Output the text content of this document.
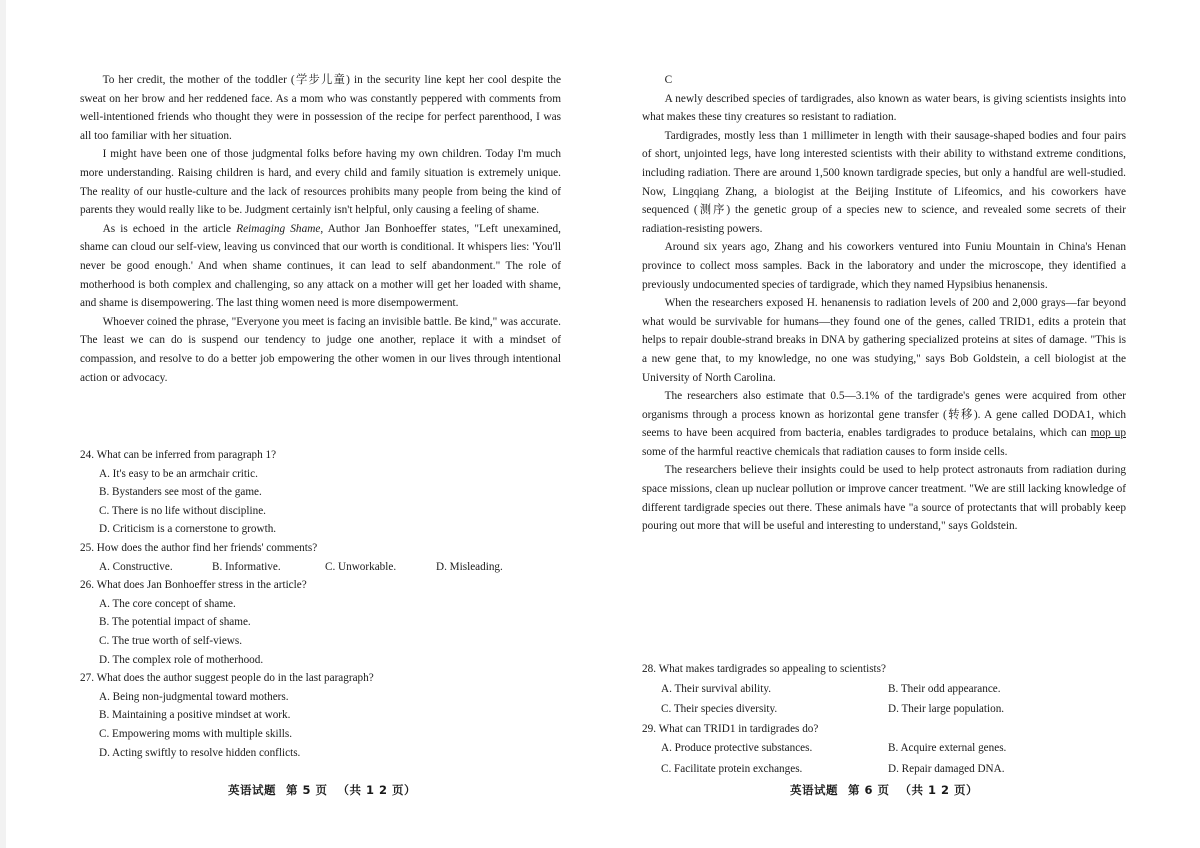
To her credit, the mother of the toddler (学步儿童) in the security line kept her cool despite the sweat on her brow and her reddened face. As a mom who was constantly peppered with comments from well-intentioned friends who thought they were in possession of the recipe for perfect parenthood, I was all too familiar with her situation.

I might have been one of those judgmental folks before having my own children. Today I'm much more understanding. Raising children is hard, and every child and family situation is extremely unique. The reality of our hustle-culture and the lack of resources prohibits many people from being the kind of parents they would really like to be. Judgment certainly isn't helpful, only causing a feeling of shame.

As is echoed in the article Reimaging Shame, Author Jan Bonhoeffer states, "Left unexamined, shame can cloud our self-view, leaving us convinced that our worth is conditional. It whispers lies: 'You'll never be good enough.' And when shame continues, it can lead to self abandonment." The role of motherhood is both complex and challenging, so any attack on a mother will get her loaded with shame, and shame is disempowering. The last thing women need is more disempowerment.

Whoever coined the phrase, "Everyone you meet is facing an invisible battle. Be kind," was accurate. The least we can do is suspend our tendency to judge one another, replace it with a mindset of compassion, and resolve to do a better job empowering the other women in our lives through intentional action or advocacy.

24. What can be inferred from paragraph 1?

A. It's easy to be an armchair critic.
B. Bystanders see most of the game.
C. There is no life without discipline.
D. Criticism is a cornerstone to growth.

25. How does the author find her friends' comments?

A. Constructive.	B. Informative.	C. Unworkable.	D. Misleading.

26. What does Jan Bonhoeffer stress in the article?

A. The core concept of shame.
B. The potential impact of shame.
C. The true worth of self-views.
D. The complex role of motherhood.

27. What does the author suggest people do in the last paragraph?

A. Being non-judgmental toward mothers.
B. Maintaining a positive mindset at work.
C. Empowering moms with multiple skills.
D. Acting swiftly to resolve hidden conflicts.
英语试题 第 5 页 （共 1 2 页）

C

A newly described species of tardigrades, also known as water bears, is giving scientists insights into what makes these tiny creatures so resistant to radiation.

Tardigrades, mostly less than 1 millimeter in length with their sausage-shaped bodies and four pairs of short, unjointed legs, have long interested scientists with their ability to withstand extreme conditions, including radiation. There are around 1,500 known tardigrade species, but only a handful are well-studied. Now, Lingqiang Zhang, a biologist at the Beijing Institute of Lifeomics, and his coworkers have sequenced (测序) the genetic group of a species new to science, and revealed some secrets of their radiation-resisting powers.

Around six years ago, Zhang and his coworkers ventured into Funiu Mountain in China's Henan province to collect moss samples. Back in the laboratory and under the microscope, they identified a previously undocumented species of tardigrade, which they named Hypsibius henanensis.

When the researchers exposed H. henanensis to radiation levels of 200 and 2,000 grays—far beyond what would be survivable for humans—they found one of the genes, called TRID1, edits a protein that helps to repair double-strand breaks in DNA by gathering specialized proteins at sites of damage. "This is a new gene that, to my knowledge, no one was studying," says Bob Goldstein, a cell biologist at the University of North Carolina.

The researchers also estimate that 0.5—3.1% of the tardigrade's genes were acquired from other organisms through a process known as horizontal gene transfer (转移). A gene called DODA1, which seems to have been acquired from bacteria, enables tardigrades to produce betalains, which can mop up some of the harmful reactive chemicals that radiation causes to form inside cells.

The researchers believe their insights could be used to help protect astronauts from radiation during space missions, clean up nuclear pollution or improve cancer treatment. "We are still lacking knowledge of different tardigrade species out there. These animals have "a source of protectants that will probably keep pouring out more that will be useful and interesting to understand," says Goldstein.

28. What makes tardigrades so appealing to scientists?

A. Their survival ability.	B. Their odd appearance.
C. Their species diversity.	D. Their large population.

29. What can TRID1 in tardigrades do?

A. Produce protective substances.	B. Acquire external genes.
C. Facilitate protein exchanges.	D. Repair damaged DNA.
英语试题 第 6 页 （共 1 2 页）
